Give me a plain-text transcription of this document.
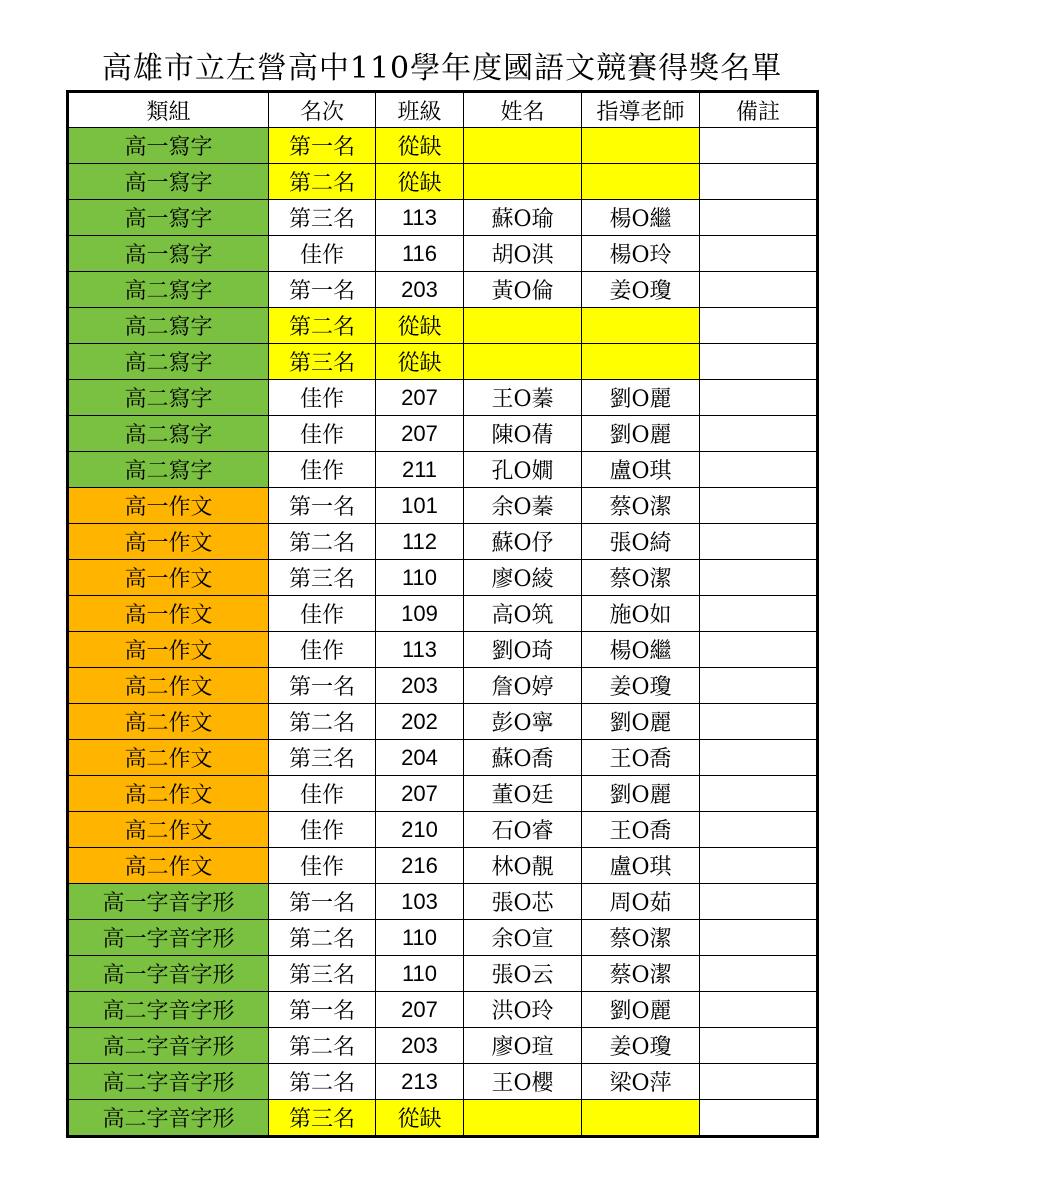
高雄市立左營高中110學年度國語文競賽得獎名單
類組	名次	班級	姓名	指導老師	備註
高一寫字	第一名	從缺			
高一寫字	第二名	從缺			
高一寫字	第三名	113	蘇O瑜	楊O繼	
高一寫字	佳作	116	胡O淇	楊O玲	
高二寫字	第一名	203	黃O倫	姜O瓊	
高二寫字	第二名	從缺			
高二寫字	第三名	從缺			
高二寫字	佳作	207	王O蓁	劉O麗	
高二寫字	佳作	207	陳O蒨	劉O麗	
高二寫字	佳作	211	孔O嫺	盧O琪	
高一作文	第一名	101	余O蓁	蔡O潔	
高一作文	第二名	112	蘇O伃	張O綺	
高一作文	第三名	110	廖O綾	蔡O潔	
高一作文	佳作	109	高O筑	施O如	
高一作文	佳作	113	劉O琦	楊O繼	
高二作文	第一名	203	詹O婷	姜O瓊	
高二作文	第二名	202	彭O寧	劉O麗	
高二作文	第三名	204	蘇O喬	王O喬	
高二作文	佳作	207	董O廷	劉O麗	
高二作文	佳作	210	石O睿	王O喬	
高二作文	佳作	216	林O靚	盧O琪	
高一字音字形	第一名	103	張O芯	周O茹	
高一字音字形	第二名	110	余O宣	蔡O潔	
高一字音字形	第三名	110	張O云	蔡O潔	
高二字音字形	第一名	207	洪O玲	劉O麗	
高二字音字形	第二名	203	廖O瑄	姜O瓊	
高二字音字形	第二名	213	王O櫻	梁O萍	
高二字音字形	第三名	從缺			
